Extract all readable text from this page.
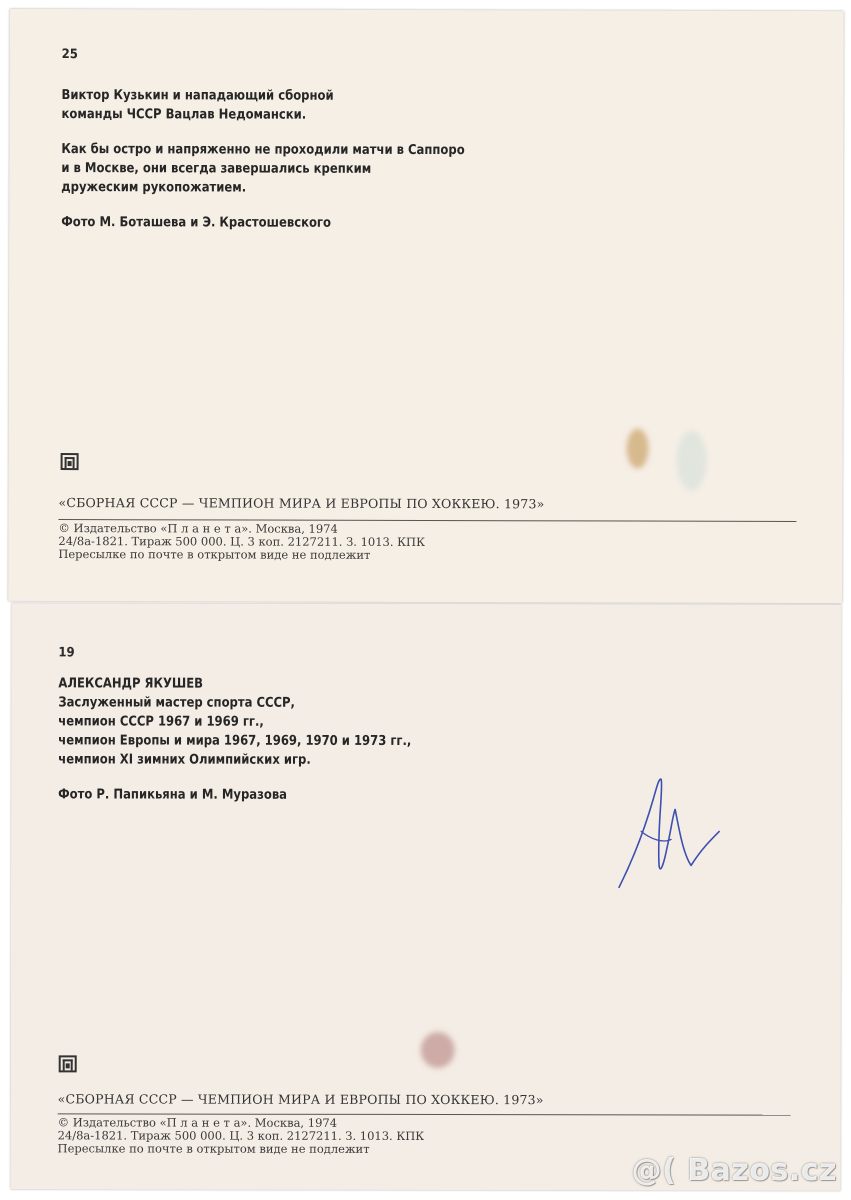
25

Виктор Кузькин и нападающий сборной

команды ЧССР Вацлав Недомански.

Как бы остро и напряженно не проходили матчи в Саппоро

и в Москве, они всегда завершались крепким

дружеским рукопожатием.

Фото М. Боташева и Э. Крастошевского

«СБОРНАЯ СССР — ЧЕМПИОН МИРА И ЕВРОПЫ ПО ХОККЕЮ. 1973»
© Издательство «П л а н е т а». Москва, 1974
24/8а-1821. Тираж 500 000. Ц. 3 коп. 2127211. З. 1013. КПК
Пересылке по почте в открытом виде не подлежит
19

АЛЕКСАНДР ЯКУШЕВ

Заслуженный мастер спорта СССР,

чемпион СССР 1967 и 1969 гг.,

чемпион Европы и мира 1967, 1969, 1970 и 1973 гг.,

чемпион XI зимних Олимпийских игр.

Фото Р. Папикьяна и М. Муразова

«СБОРНАЯ СССР — ЧЕМПИОН МИРА И ЕВРОПЫ ПО ХОККЕЮ. 1973»
© Издательство «П л а н е т а». Москва, 1974
24/8а-1821. Тираж 500 000. Ц. 3 коп. 2127211. З. 1013. КПК
Пересылке по почте в открытом виде не подлежит
@( Bazos.cz
